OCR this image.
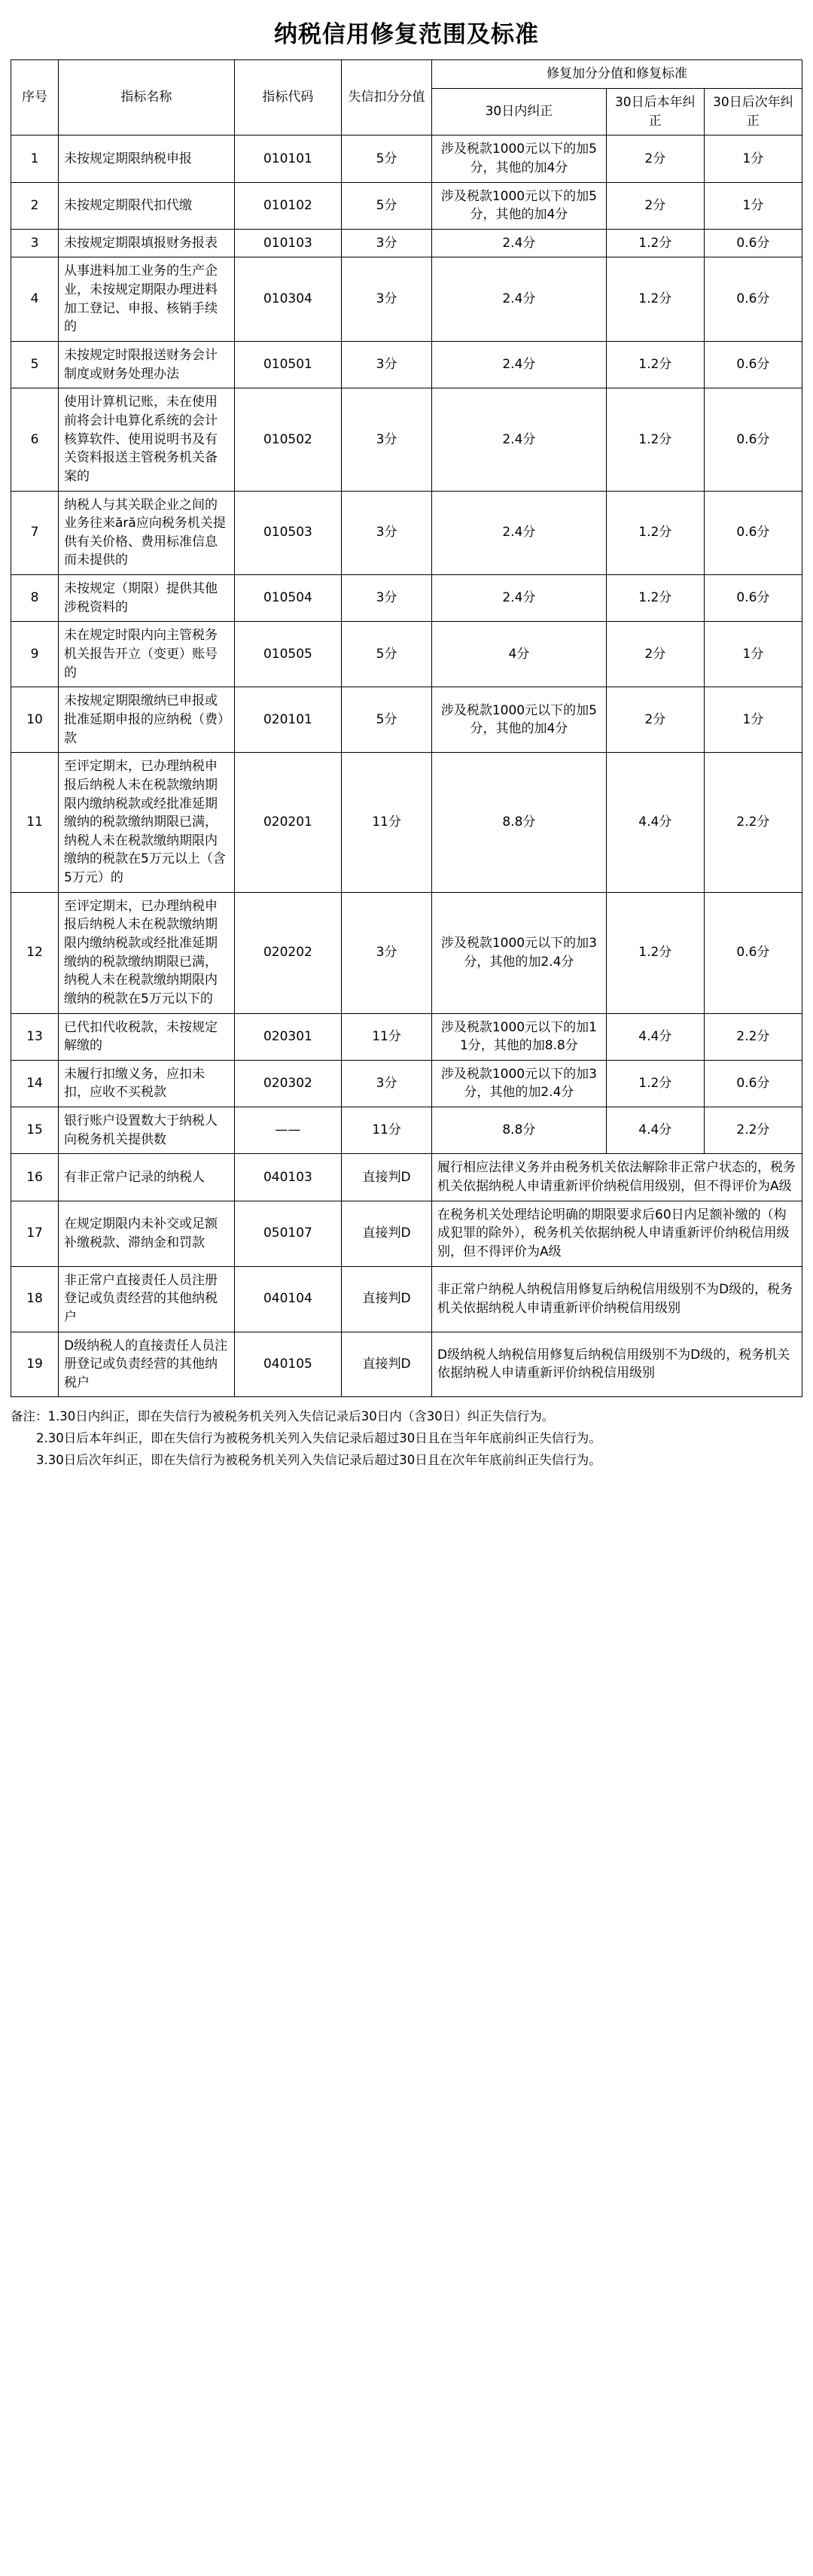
纳税信用修复范围及标准
序号	指标名称	指标代码	失信扣分分值	修复加分分值和修复标准		
				30日内纠正	30日后本年纠正	30日后次年纠正
1	未按规定期限纳税申报	010101	5分	涉及税款1000元以下的加5分，其他的加4分	2分	1分
2	未按规定期限代扣代缴	010102	5分	涉及税款1000元以下的加5分，其他的加4分	2分	1分
3	未按规定期限填报财务报表	010103	3分	2.4分	1.2分	0.6分
4	从事进料加工业务的生产企业，未按规定期限办理进料加工登记、申报、核销手续的	010304	3分	2.4分	1.2分	0.6分
5	未按规定时限报送财务会计制度或财务处理办法	010501	3分	2.4分	1.2分	0.6分
6	使用计算机记账，未在使用前将会计电算化系统的会计核算软件、使用说明书及有关资料报送主管税务机关备案的	010502	3分	2.4分	1.2分	0.6分
7	纳税人与其关联企业之间的业务往来ără应向税务机关提供有关价格、费用标准信息而未提供的	010503	3分	2.4分	1.2分	0.6分
8	未按规定（期限）提供其他涉税资料的	010504	3分	2.4分	1.2分	0.6分
9	未在规定时限内向主管税务机关报告开立（变更）账号的	010505	5分	4分	2分	1分
10	未按规定期限缴纳已申报或批准延期申报的应纳税（费）款	020101	5分	涉及税款1000元以下的加5分，其他的加4分	2分	1分
11	至评定期末，已办理纳税申报后纳税人未在税款缴纳期限内缴纳税款或经批准延期缴纳的税款缴纳期限已满，纳税人未在税款缴纳期限内缴纳的税款在5万元以上（含5万元）的	020201	11分	8.8分	4.4分	2.2分
12	至评定期末，已办理纳税申报后纳税人未在税款缴纳期限内缴纳税款或经批准延期缴纳的税款缴纳期限已满，纳税人未在税款缴纳期限内缴纳的税款在5万元以下的	020202	3分	涉及税款1000元以下的加3分，其他的加2.4分	1.2分	0.6分
13	已代扣代收税款，未按规定解缴的	020301	11分	涉及税款1000元以下的加11分，其他的加8.8分	4.4分	2.2分
14	未履行扣缴义务，应扣未扣，应收不买税款	020302	3分	涉及税款1000元以下的加3分，其他的加2.4分	1.2分	0.6分
15	银行账户设置数大于纳税人向税务机关提供数	——	11分	8.8分	4.4分	2.2分
16	有非正常户记录的纳税人	040103	直接判D	履行相应法律义务并由税务机关依法解除非正常户状态的，税务机关依据纳税人申请重新评价纳税信用级别，但不得评价为A级		
17	在规定期限内未补交或足额补缴税款、滞纳金和罚款	050107	直接判D	在税务机关处理结论明确的期限要求后60日内足额补缴的（构成犯罪的除外），税务机关依据纳税人申请重新评价纳税信用级别，但不得评价为A级		
18	非正常户直接责任人员注册登记或负责经营的其他纳税户	040104	直接判D	非正常户纳税人纳税信用修复后纳税信用级别不为D级的，税务机关依据纳税人申请重新评价纳税信用级别		
19	D级纳税人的直接责任人员注册登记或负责经营的其他纳税户	040105	直接判D	D级纳税人纳税信用修复后纳税信用级别不为D级的，税务机关依据纳税人申请重新评价纳税信用级别		
备注：1.30日内纠正，即在失信行为被税务机关列入失信记录后30日内（含30日）纠正失信行为。
2.30日后本年纠正，即在失信行为被税务机关列入失信记录后超过30日且在当年年底前纠正失信行为。
3.30日后次年纠正，即在失信行为被税务机关列入失信记录后超过30日且在次年年底前纠正失信行为。
